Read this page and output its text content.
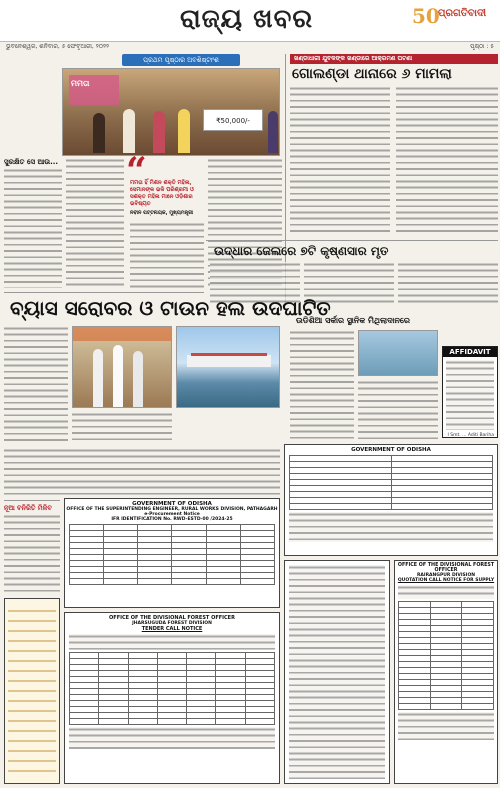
ରାଜ୍ୟ ଖବର	50
ପ୍ରଗତିବାଦୀ
ଭୁବନେଶ୍ୱର, ଶନିବାର, ୫ ଫେବୃଆରୀ, ୨୦୨୨	ପୃଷ୍ଠା : ୫
ପ୍ରଥମ ପୃଷ୍ଠାର ଅବଶିଷ୍ଟାଂଶ
ମମତା
₹50,000/-
ସୁରକ୍ଷିତ ସେ ଆଉ... “
ମମତା ହିଁ ମିଶନ ଶକ୍ତି ମହିଳା, ସେମାନଙ୍କ ଭଳି ପରିଶ୍ରମୀ ଓ ସଶକ୍ତ ମହିଳା ମାନେ ଓଡ଼ିଶାର ଭବିଷ୍ୟତ
ନବୀନ ପଟ୍ଟନାୟକ, ମୁଖ୍ୟମନ୍ତ୍ରୀ
ଖଣ୍ଡାଧାରୀ ଯୁବକଙ୍କ ଖଣ୍ଡାରେ ଆକ୍ରମଣ ଘଟଣା
ଗୋଲଣ୍ଡା ଥାନାରେ ୬ ମାମଲା
ଉଦ୍ଧାର ଜେଲରେ ୭ଟି କୃଷ୍ଣସାର ମୃତ
ବ୍ୟାସ ସରୋବର ଓ ଟାଉନ ହଲ ଉଦଘାଟିତ
ଉଡିଶିଆ ସର୍କାର ସ୍ଥାନିକ ମିଥିଲାଦାନରେ
AFFIDAVIT
I Smt. ... Aditi Bariha
ନୂଆ ବନିରିତି ମିଳିବ	GOVERNMENT OF ODISHA
OFFICE OF THE SUPERINTENDING ENGINEER, RURAL WORKS DIVISION, PATHAGARH
e-Procurement Notice
IFR IDENTIFICATION No. RWD-ESTD-00 /2024-25

OFFICE OF THE DIVISIONAL FOREST OFFICER
JHARSUGUDA FOREST DIVISION
TENDER CALL NOTICE

GOVERNMENT OF ODISHA

OFFICE OF THE DIVISIONAL FOREST OFFICER
RAIRANGPUR DIVISION
QUOTATION CALL NOTICE FOR SUPPLY
